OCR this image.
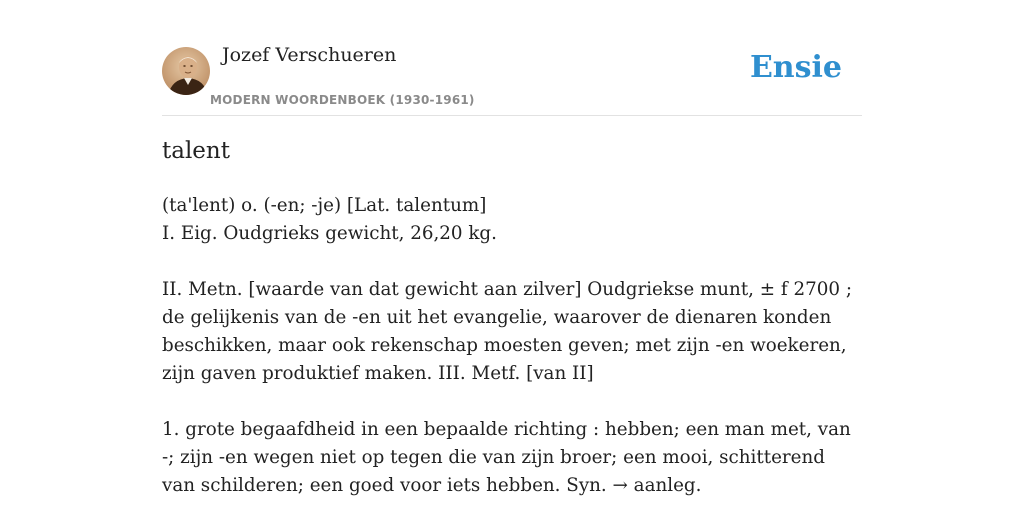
Jozef Verschueren
MODERN WOORDENBOEK (1930-1961)
Ensie
talent

(ta'lent) o. (-en; -je) [Lat. talentum]

I. Eig. Oudgrieks gewicht, 26,20 kg.

II. Metn. [waarde van dat gewicht aan zilver] Oudgriekse munt, ± f 2700 ; de gelijkenis van de -en uit het evangelie, waarover de dienaren konden beschikken, maar ook rekenschap moesten geven; met zijn -en woekeren, zijn gaven produktief maken. III. Metf. [van II]

1. grote begaafdheid in een bepaalde richting : hebben; een man met, van -; zijn -en wegen niet op tegen die van zijn broer; een mooi, schitterend van schilderen; een goed voor iets hebben. Syn. → aanleg.
